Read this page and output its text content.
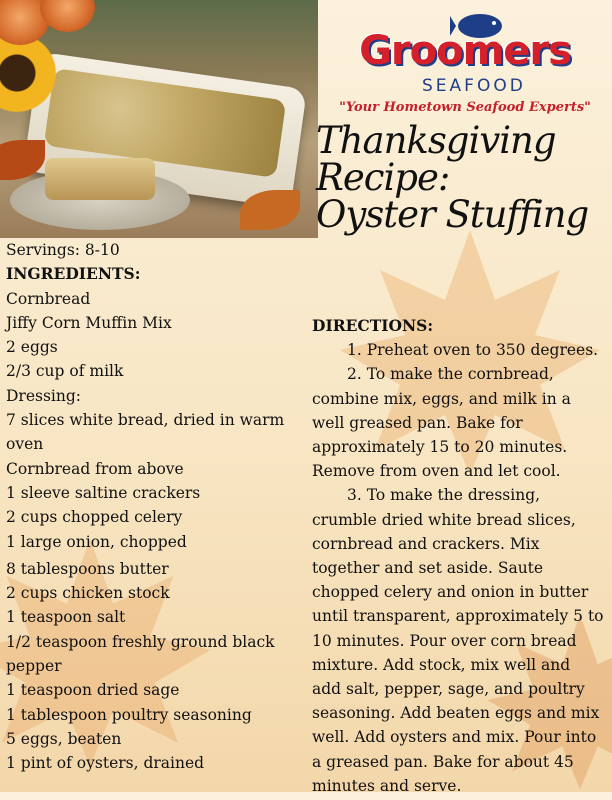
Groomers
SEAFOOD
"Your Hometown Seafood Experts"
Thanksgiving
Recipe:
Oyster Stuffing
Servings: 8-10
INGREDIENTS:
Cornbread
Jiffy Corn Muffin Mix
2 eggs
2/3 cup of milk
Dressing:
7 slices white bread, dried in warm oven
Cornbread from above
1 sleeve saltine crackers
2 cups chopped celery
1 large onion, chopped
8 tablespoons butter
2 cups chicken stock
1 teaspoon salt
1/2 teaspoon freshly ground black pepper
1 teaspoon dried sage
1 tablespoon poultry seasoning
5 eggs, beaten
1 pint of oysters, drained

DIRECTIONS:

1. Preheat oven to 350 degrees.

2. To make the cornbread, combine mix, eggs, and milk in a well greased pan. Bake for approximately 15 to 20 minutes. Remove from oven and let cool.

3. To make the dressing, crumble dried white bread slices, cornbread and crackers. Mix together and set aside. Saute chopped celery and onion in butter until transparent, approximately 5 to 10 minutes. Pour over corn bread mixture. Add stock, mix well and add salt, pepper, sage, and poultry seasoning. Add beaten eggs and mix well. Add oysters and mix. Pour into a greased pan. Bake for about 45 minutes and serve.
